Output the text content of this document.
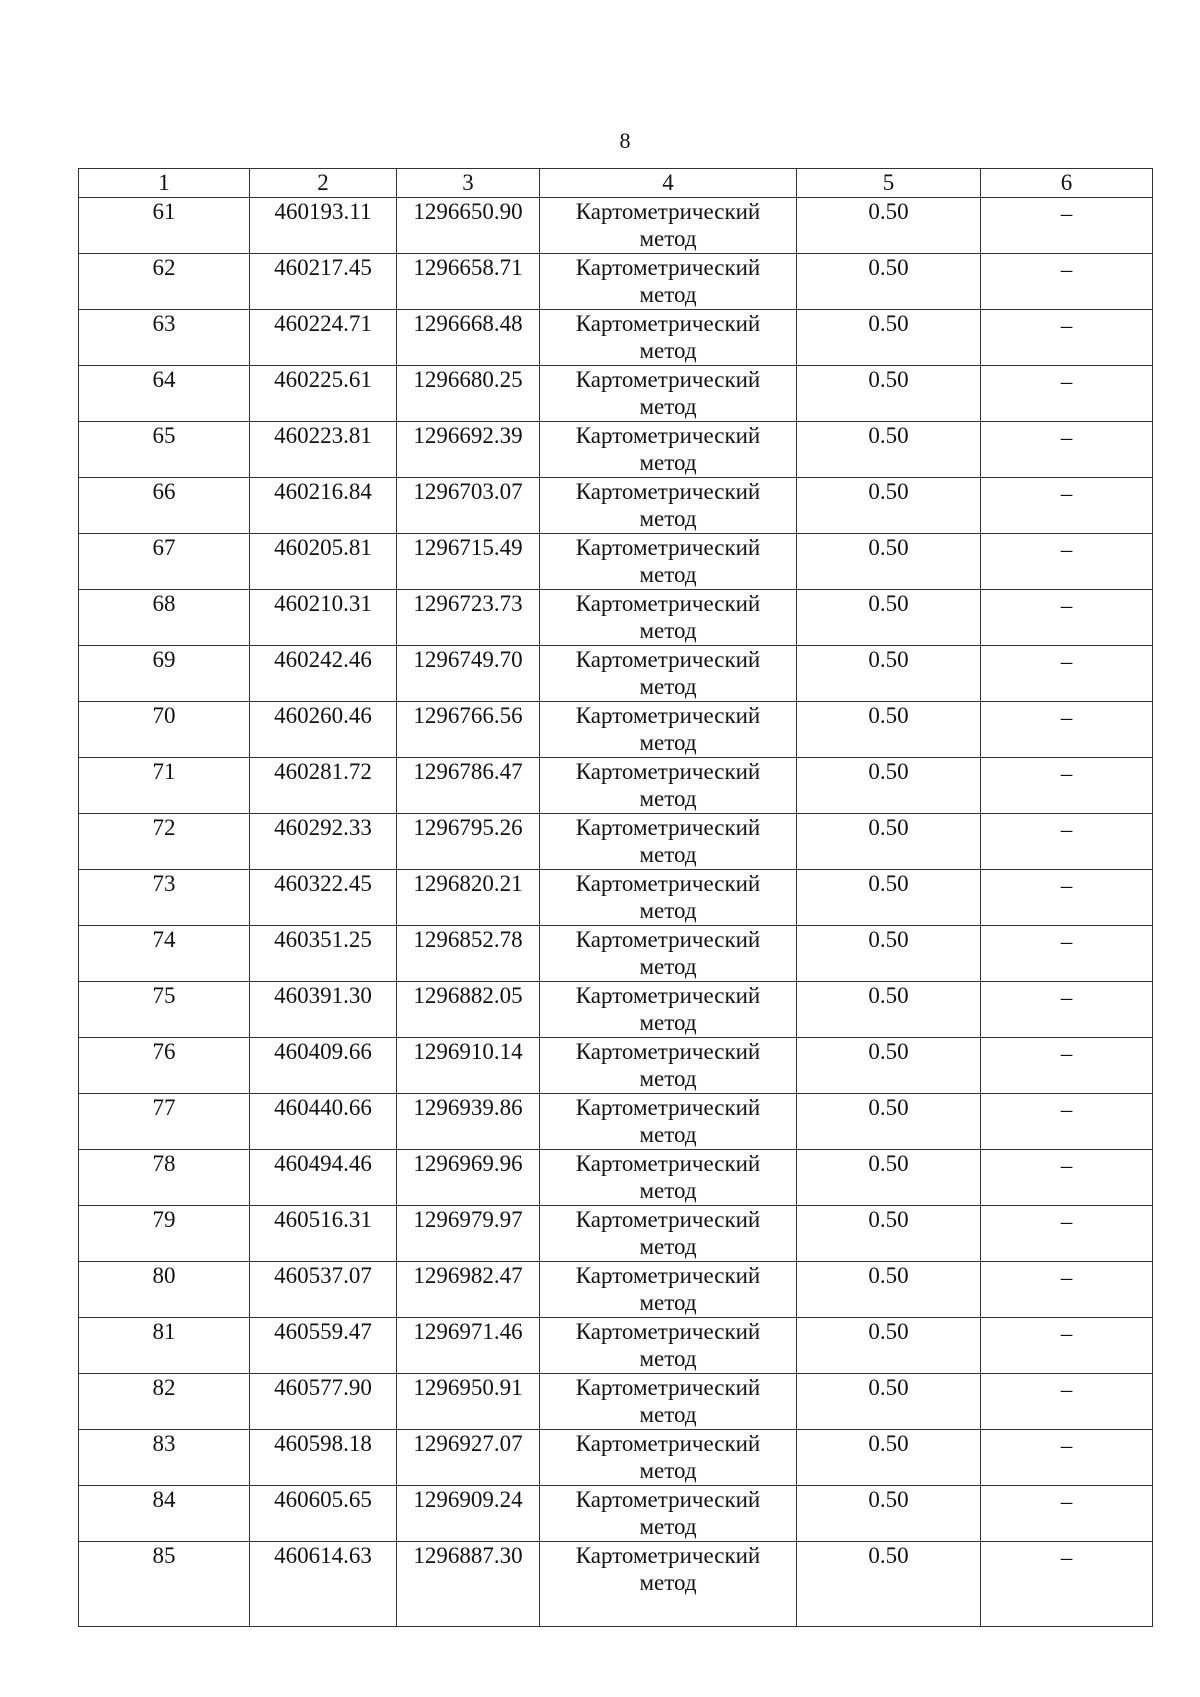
8
1	2	3	4	5	6
61	460193.11	1296650.90	Картометрический
метод	0.50	–
62	460217.45	1296658.71	Картометрический
метод	0.50	–
63	460224.71	1296668.48	Картометрический
метод	0.50	–
64	460225.61	1296680.25	Картометрический
метод	0.50	–
65	460223.81	1296692.39	Картометрический
метод	0.50	–
66	460216.84	1296703.07	Картометрический
метод	0.50	–
67	460205.81	1296715.49	Картометрический
метод	0.50	–
68	460210.31	1296723.73	Картометрический
метод	0.50	–
69	460242.46	1296749.70	Картометрический
метод	0.50	–
70	460260.46	1296766.56	Картометрический
метод	0.50	–
71	460281.72	1296786.47	Картометрический
метод	0.50	–
72	460292.33	1296795.26	Картометрический
метод	0.50	–
73	460322.45	1296820.21	Картометрический
метод	0.50	–
74	460351.25	1296852.78	Картометрический
метод	0.50	–
75	460391.30	1296882.05	Картометрический
метод	0.50	–
76	460409.66	1296910.14	Картометрический
метод	0.50	–
77	460440.66	1296939.86	Картометрический
метод	0.50	–
78	460494.46	1296969.96	Картометрический
метод	0.50	–
79	460516.31	1296979.97	Картометрический
метод	0.50	–
80	460537.07	1296982.47	Картометрический
метод	0.50	–
81	460559.47	1296971.46	Картометрический
метод	0.50	–
82	460577.90	1296950.91	Картометрический
метод	0.50	–
83	460598.18	1296927.07	Картометрический
метод	0.50	–
84	460605.65	1296909.24	Картометрический
метод	0.50	–
85	460614.63	1296887.30	Картометрический
метод	0.50	–
